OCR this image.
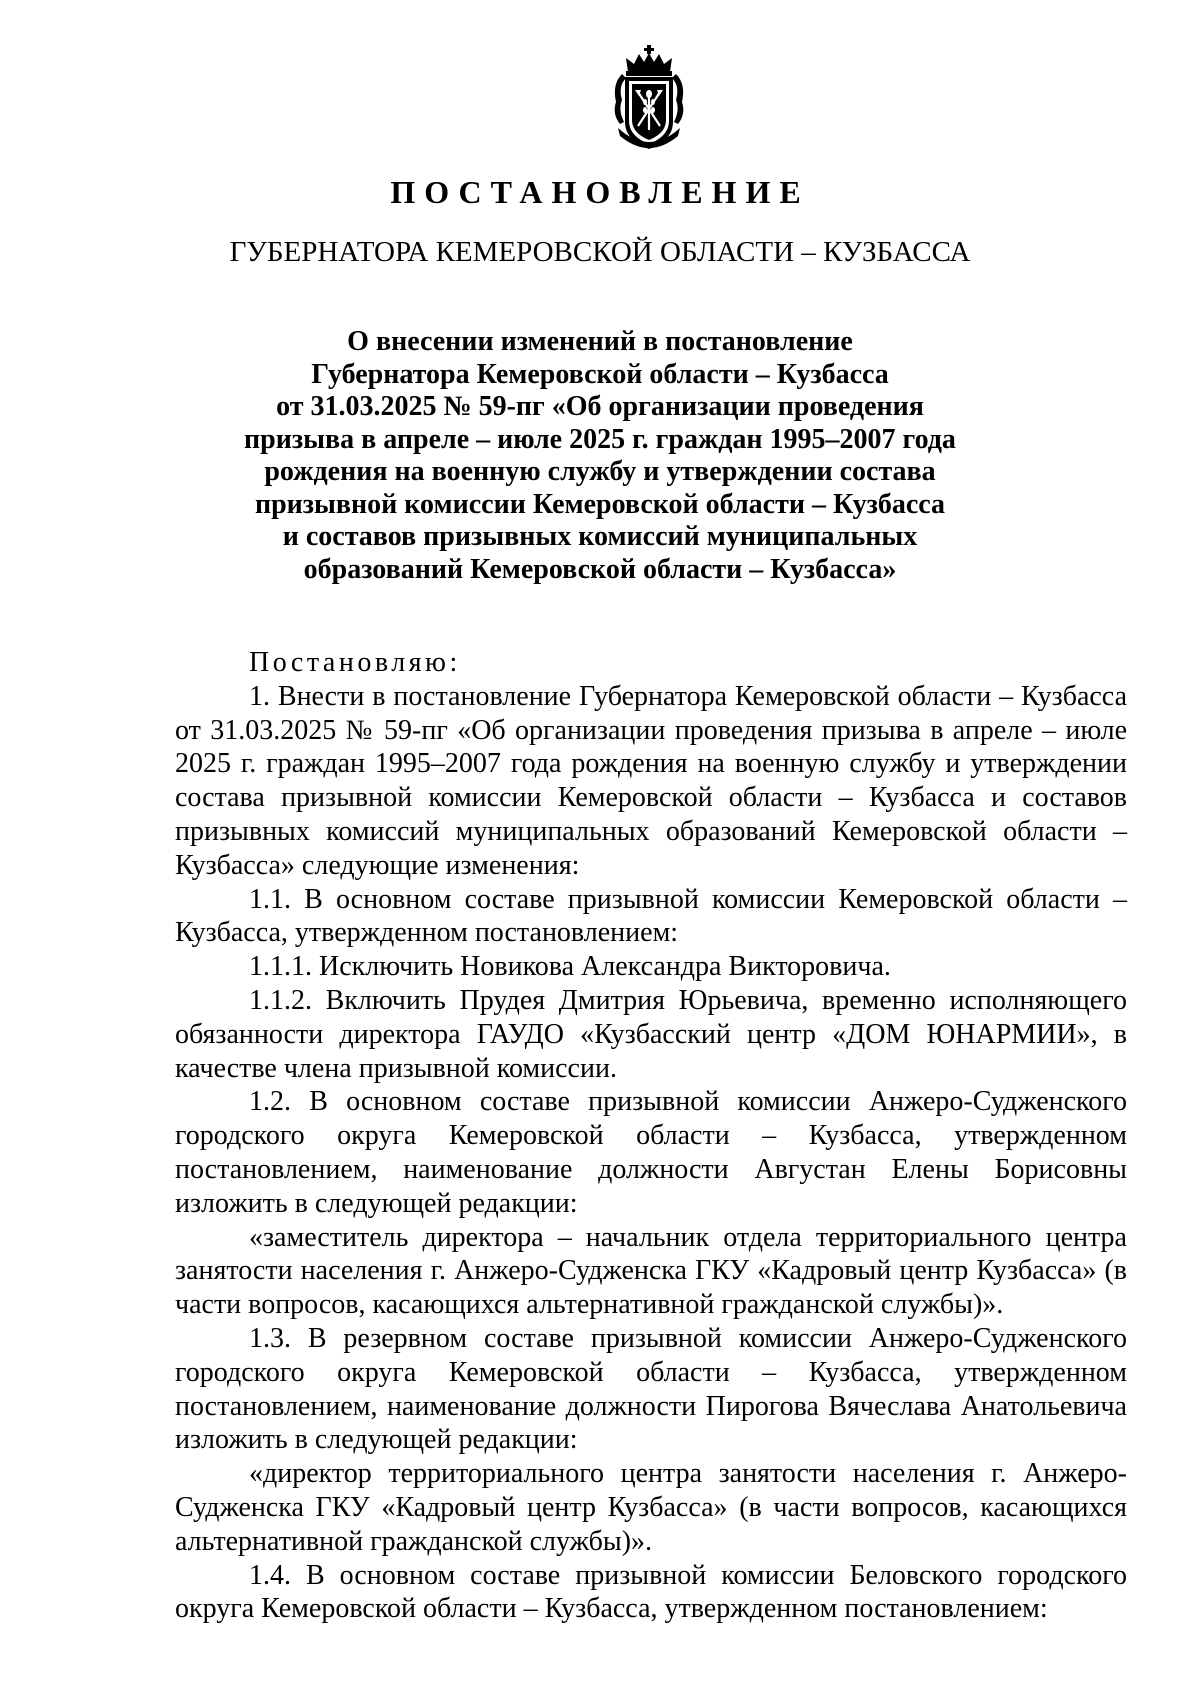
ПОСТАНОВЛЕНИЕ
ГУБЕРНАТОРА КЕМЕРОВСКОЙ ОБЛАСТИ – КУЗБАССА
О внесении изменений в постановление
Губернатора Кемеровской области – Кузбасса
от 31.03.2025 № 59-пг «Об организации проведения
призыва в апреле – июле 2025 г. граждан 1995–2007 года
рождения на военную службу и утверждении состава
призывной комиссии Кемеровской области – Кузбасса
и составов призывных комиссий муниципальных
образований Кемеровской области – Кузбасса»

Постановляю:

1. Внести в постановление Губернатора Кемеровской области – Кузбасса от 31.03.2025 № 59-пг «Об организации проведения призыва в апреле – июле 2025 г. граждан 1995–2007 года рождения на военную службу и утверждении состава призывной комиссии Кемеровской области – Кузбасса и составов призывных комиссий муниципальных образований Кемеровской области – Кузбасса» следующие изменения:

1.1. В основном составе призывной комиссии Кемеровской области – Кузбасса, утвержденном постановлением:

1.1.1. Исключить Новикова Александра Викторовича.

1.1.2. Включить Прудея Дмитрия Юрьевича, временно исполняющего обязанности директора ГАУДО «Кузбасский центр «ДОМ ЮНАРМИИ», в качестве члена призывной комиссии.

1.2. В основном составе призывной комиссии Анжеро-Судженского городского округа Кемеровской области – Кузбасса, утвержденном постановлением, наименование должности Августан Елены Борисовны изложить в следующей редакции:

«заместитель директора – начальник отдела территориального центра занятости населения г. Анжеро-Судженска ГКУ «Кадровый центр Кузбасса» (в части вопросов, касающихся альтернативной гражданской службы)».

1.3. В резервном составе призывной комиссии Анжеро-Судженского городского округа Кемеровской области – Кузбасса, утвержденном постановлением, наименование должности Пирогова Вячеслава Анатольевича изложить в следующей редакции:

«директор территориального центра занятости населения г. Анжеро-Судженска ГКУ «Кадровый центр Кузбасса» (в части вопросов, касающихся альтернативной гражданской службы)».

1.4. В основном составе призывной комиссии Беловского городского округа Кемеровской области – Кузбасса, утвержденном постановлением:
